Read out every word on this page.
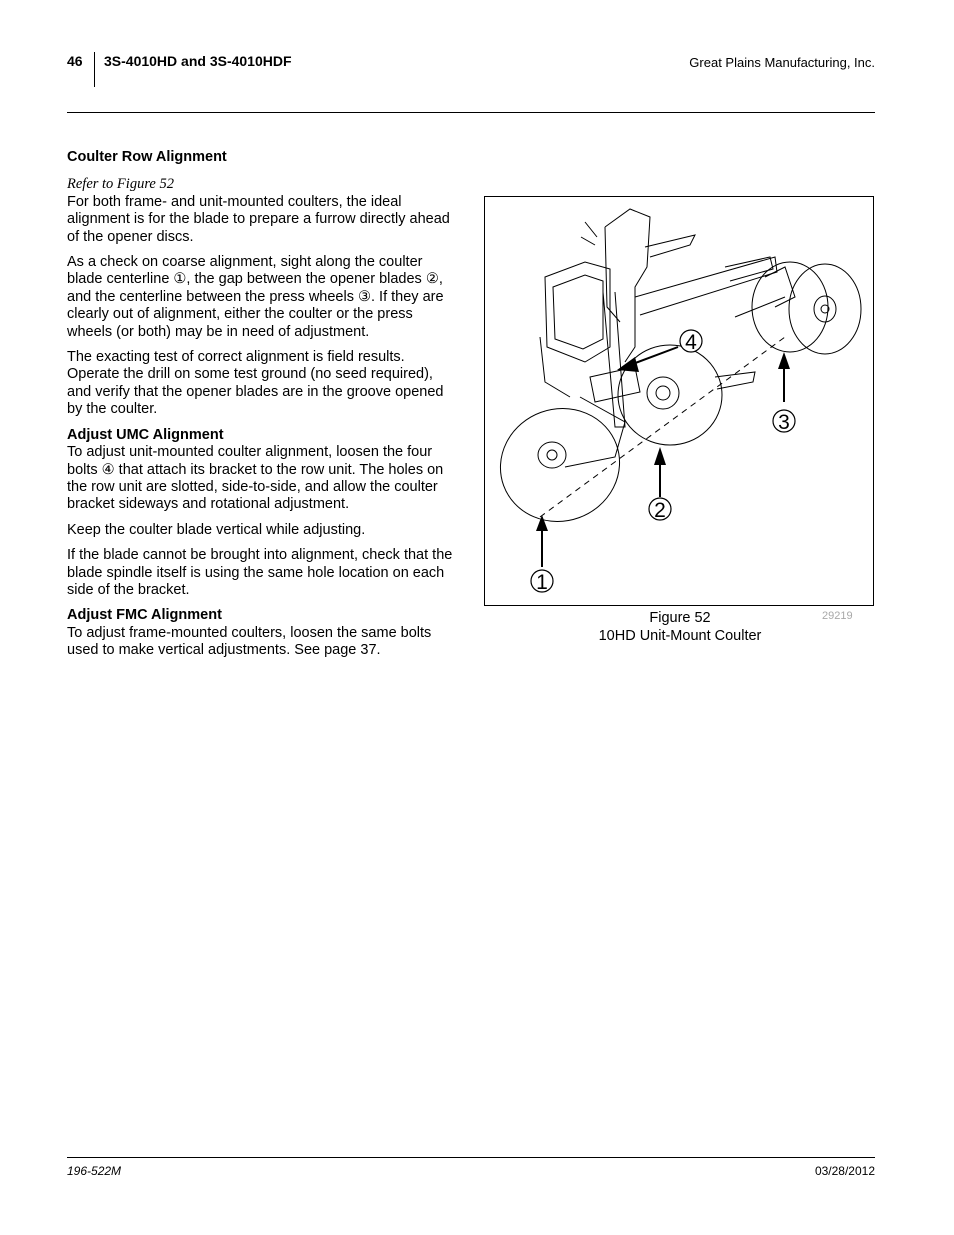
46 3S-4010HD and 3S-4010HDF	Great Plains Manufacturing, Inc.
Coulter Row Alignment

Refer to Figure 52

For both frame- and unit-mounted coulters, the ideal alignment is for the blade to prepare a furrow directly ahead of the opener discs.

As a check on coarse alignment, sight along the coulter blade centerline ①, the gap between the opener blades ②, and the centerline between the press wheels ③. If they are clearly out of alignment, either the coulter or the press wheels (or both) may be in need of adjustment.

The exacting test of correct alignment is field results. Operate the drill on some test ground (no seed required), and verify that the opener blades are in the groove opened by the coulter.

Adjust UMC Alignment

To adjust unit-mounted coulter alignment, loosen the four bolts ④ that attach its bracket to the row unit. The holes on the row unit are slotted, side-to-side, and allow the coulter bracket sideways and rotational adjustment.

Keep the coulter blade vertical while adjusting.

If the blade cannot be brought into alignment, check that the blade spindle itself is using the same hole location on each side of the bracket.

Adjust FMC Alignment

To adjust frame-mounted coulters, loosen the same bolts used to make vertical adjustments. See page 37.

1
2
3
4
Figure 52
10HD Unit-Mount Coulter
29219
196-522M	03/28/2012
